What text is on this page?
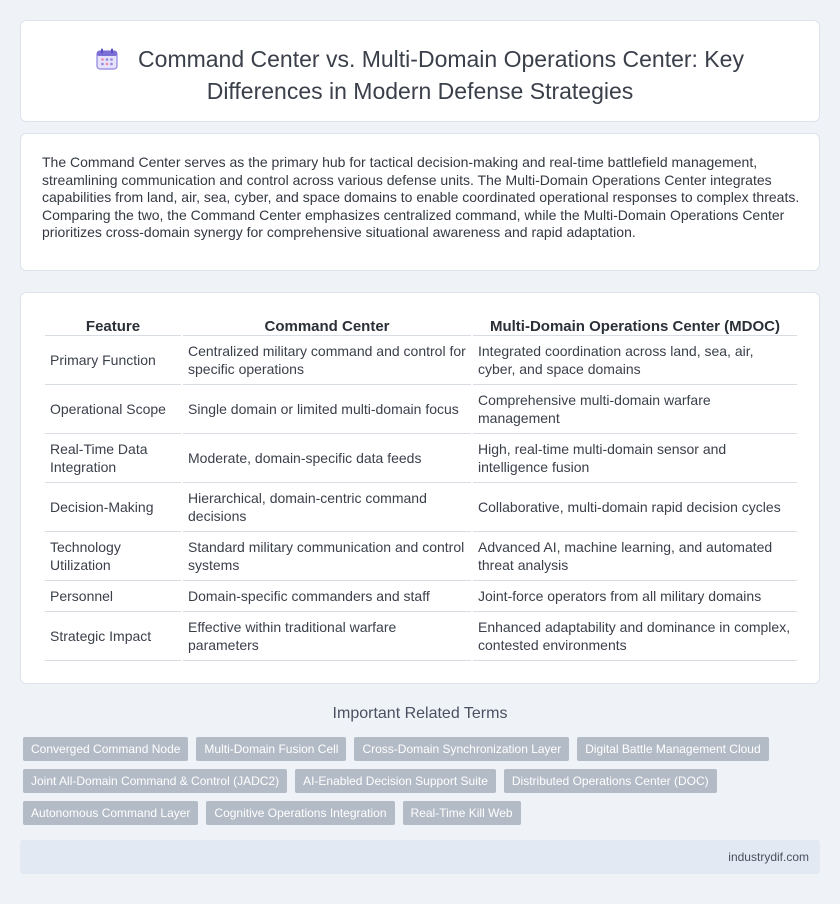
Command Center vs. Multi-Domain Operations Center: Key
Differences in Modern Defense Strategies

The Command Center serves as the primary hub for tactical decision-making and real-time battlefield management, streamlining communication and control across various defense units. The Multi-Domain Operations Center integrates capabilities from land, air, sea, cyber, and space domains to enable coordinated operational responses to complex threats. Comparing the two, the Command Center emphasizes centralized command, while the Multi-Domain Operations Center prioritizes cross-domain synergy for comprehensive situational awareness and rapid adaptation.

Feature	Command Center	Multi-Domain Operations Center (MDOC)
Primary Function	Centralized military command and control for specific operations	Integrated coordination across land, sea, air, cyber, and space domains
Operational Scope	Single domain or limited multi-domain focus	Comprehensive multi-domain warfare management
Real-Time Data Integration	Moderate, domain-specific data feeds	High, real-time multi-domain sensor and intelligence fusion
Decision-Making	Hierarchical, domain-centric command decisions	Collaborative, multi-domain rapid decision cycles
Technology Utilization	Standard military communication and control systems	Advanced AI, machine learning, and automated threat analysis
Personnel	Domain-specific commanders and staff	Joint-force operators from all military domains
Strategic Impact	Effective within traditional warfare parameters	Enhanced adaptability and dominance in complex, contested environments
Important Related Terms
Converged Command Node	Multi-Domain Fusion Cell	Cross-Domain Synchronization Layer	Digital Battle Management Cloud
Joint All-Domain Command & Control (JADC2)	AI-Enabled Decision Support Suite	Distributed Operations Center (DOC)
Autonomous Command Layer	Cognitive Operations Integration	Real-Time Kill Web
industrydif.com
